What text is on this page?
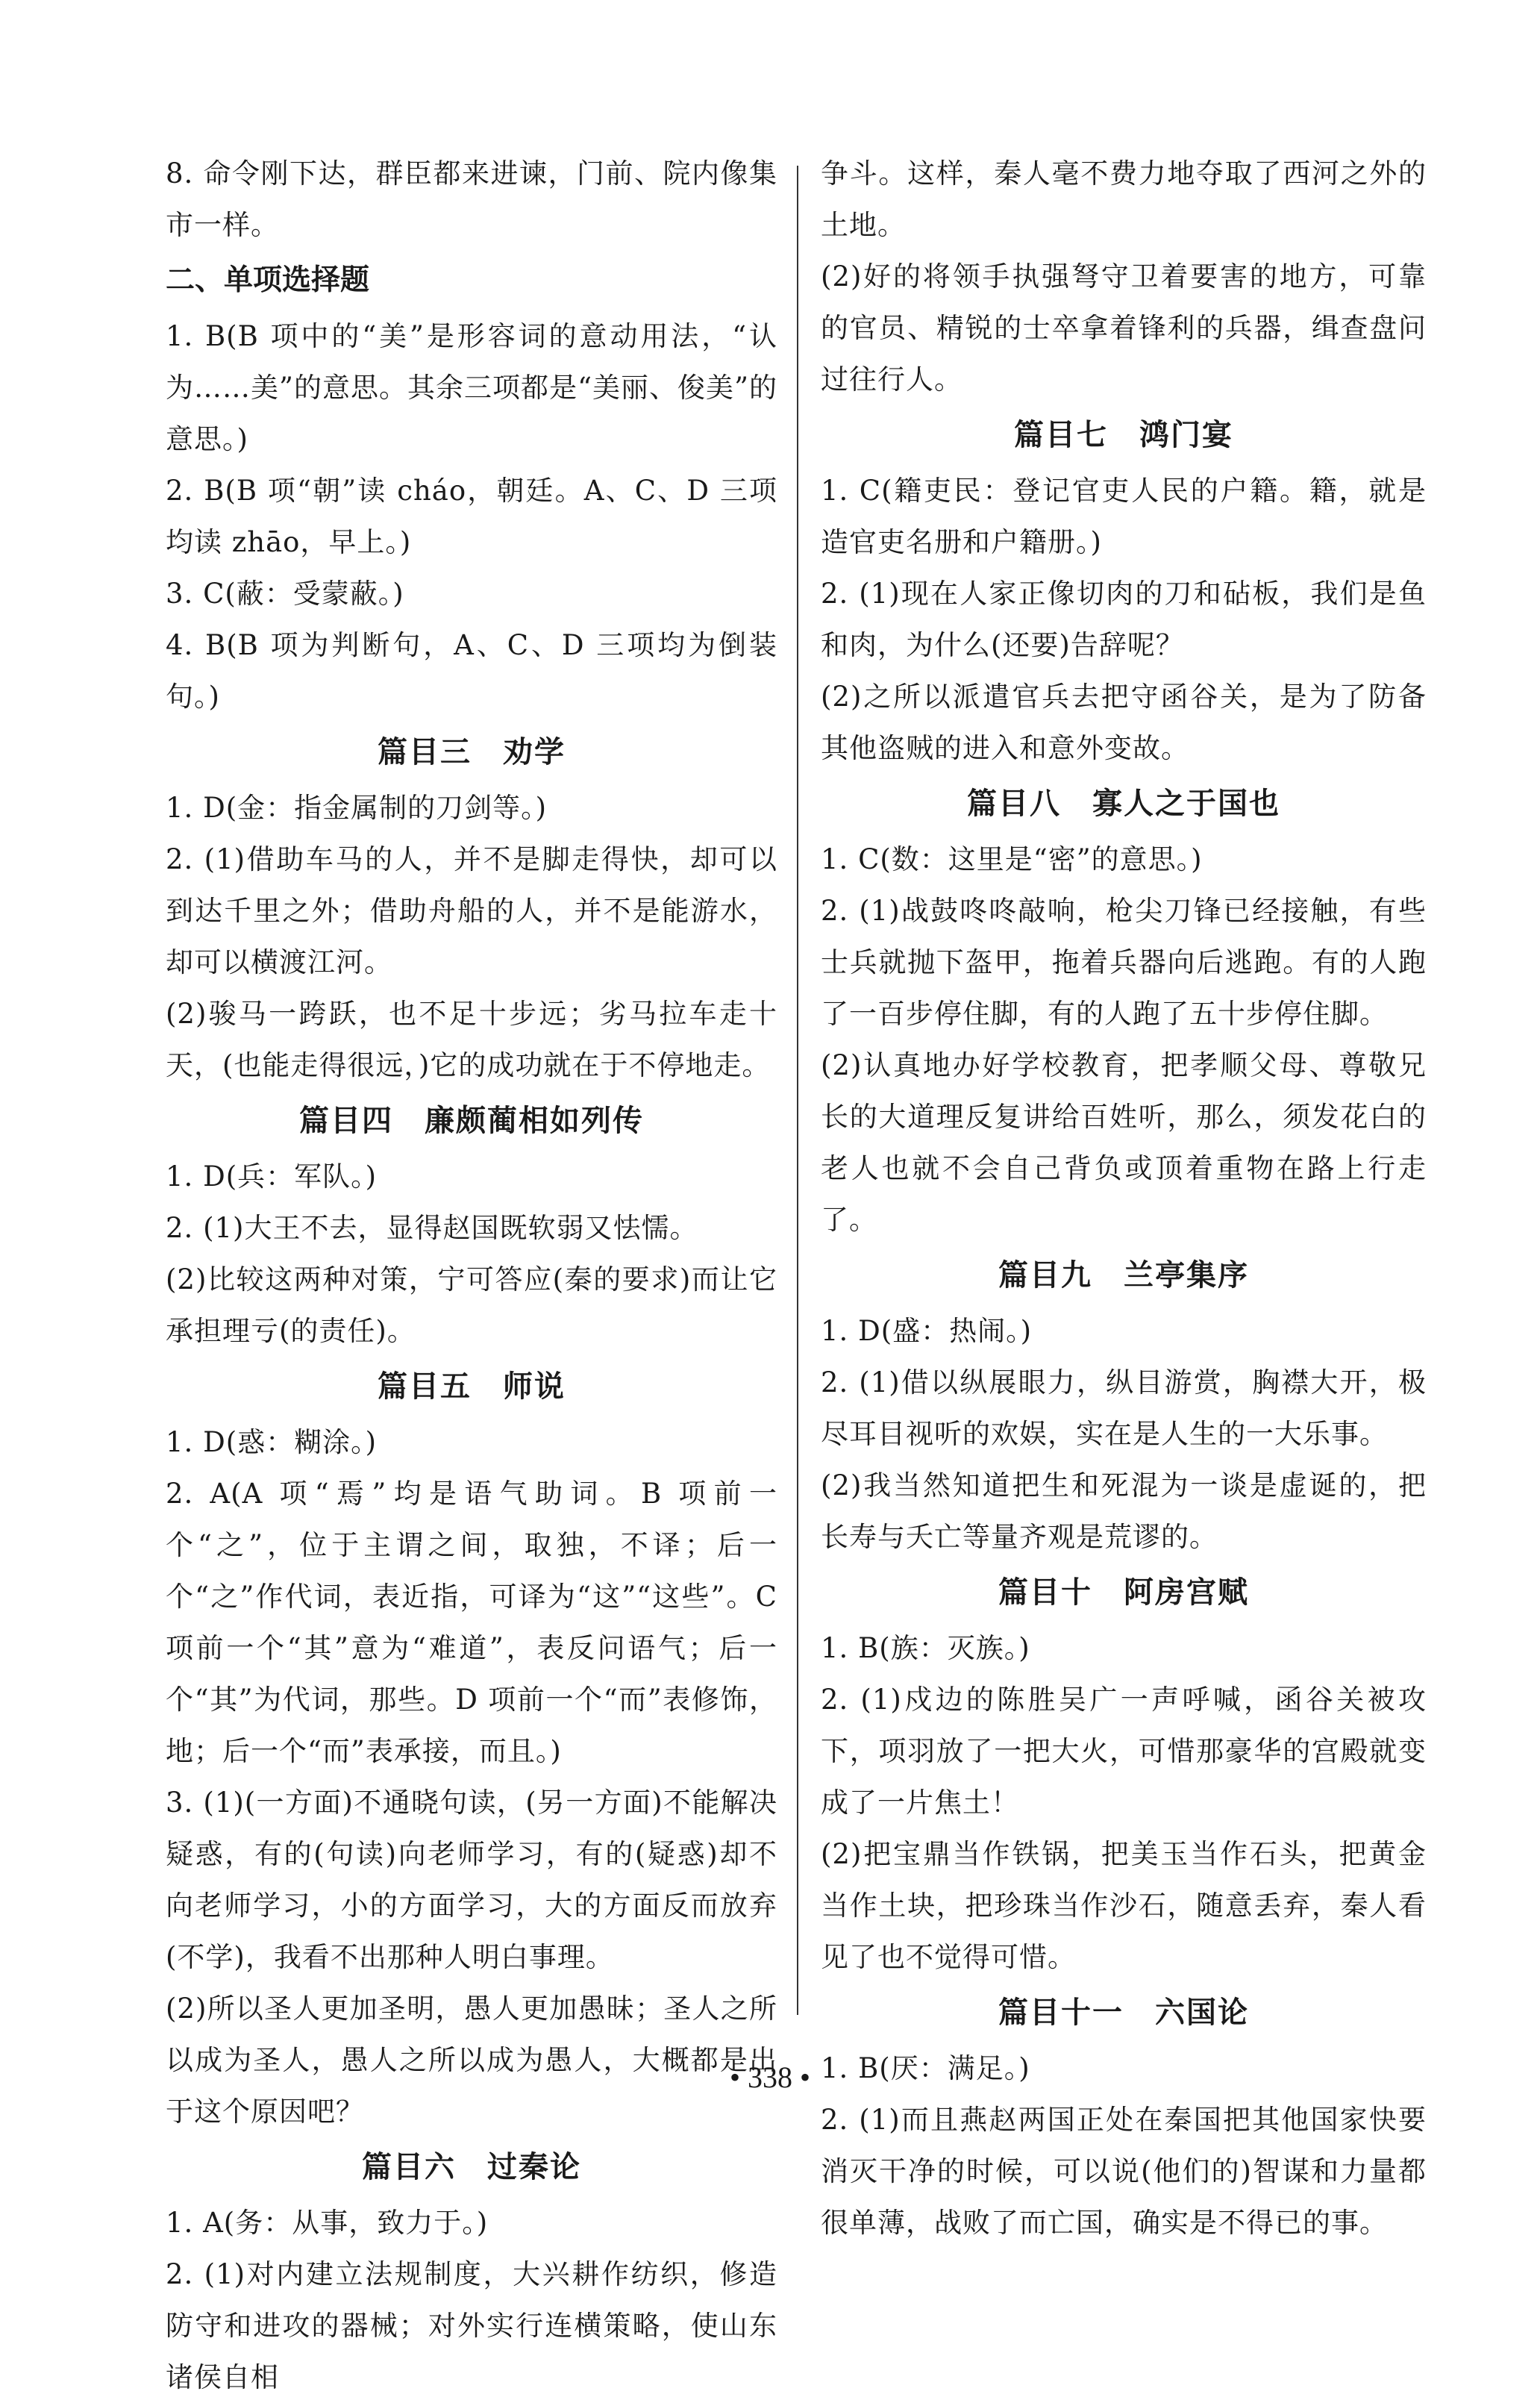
8. 命令刚下达，群臣都来进谏，门前、院内像集市一样。
二、单项选择题
1. B(B 项中的“美”是形容词的意动用法，“认为……美”的意思。其余三项都是“美丽、俊美”的意思。)
2. B(B 项“朝”读 cháo，朝廷。A、C、D 三项均读 zhāo，早上。)
3. C(蔽：受蒙蔽。)
4. B(B 项为判断句，A、C、D 三项均为倒装句。)
篇目三　劝学
1. D(金：指金属制的刀剑等。)
2. (1)借助车马的人，并不是脚走得快，却可以到达千里之外；借助舟船的人，并不是能游水，却可以横渡江河。
(2)骏马一跨跃，也不足十步远；劣马拉车走十天，(也能走得很远，)它的成功就在于不停地走。
篇目四　廉颇蔺相如列传
1. D(兵：军队。)
2. (1)大王不去，显得赵国既软弱又怯懦。
(2)比较这两种对策，宁可答应(秦的要求)而让它承担理亏(的责任)。
篇目五　师说
1. D(惑：糊涂。)
2. A(A 项“焉”均是语气助词。B 项前一个“之”，位于主谓之间，取独，不译；后一个“之”作代词，表近指，可译为“这”“这些”。C 项前一个“其”意为“难道”，表反问语气；后一个“其”为代词，那些。D 项前一个“而”表修饰，地；后一个“而”表承接，而且。)
3. (1)(一方面)不通晓句读，(另一方面)不能解决疑惑，有的(句读)向老师学习，有的(疑惑)却不向老师学习，小的方面学习，大的方面反而放弃(不学)，我看不出那种人明白事理。
(2)所以圣人更加圣明，愚人更加愚昧；圣人之所以成为圣人，愚人之所以成为愚人，大概都是出于这个原因吧？
篇目六　过秦论
1. A(务：从事，致力于。)
2. (1)对内建立法规制度，大兴耕作纺织，修造防守和进攻的器械；对外实行连横策略，使山东诸侯自相
争斗。这样，秦人毫不费力地夺取了西河之外的土地。
(2)好的将领手执强弩守卫着要害的地方，可靠的官员、精锐的士卒拿着锋利的兵器，缉查盘问过往行人。
篇目七　鸿门宴
1. C(籍吏民：登记官吏人民的户籍。籍，就是造官吏名册和户籍册。)
2. (1)现在人家正像切肉的刀和砧板，我们是鱼和肉，为什么(还要)告辞呢？
(2)之所以派遣官兵去把守函谷关，是为了防备其他盗贼的进入和意外变故。
篇目八　寡人之于国也
1. C(数：这里是“密”的意思。)
2. (1)战鼓咚咚敲响，枪尖刀锋已经接触，有些士兵就抛下盔甲，拖着兵器向后逃跑。有的人跑了一百步停住脚，有的人跑了五十步停住脚。
(2)认真地办好学校教育，把孝顺父母、尊敬兄长的大道理反复讲给百姓听，那么，须发花白的老人也就不会自己背负或顶着重物在路上行走了。
篇目九　兰亭集序
1. D(盛：热闹。)
2. (1)借以纵展眼力，纵目游赏，胸襟大开，极尽耳目视听的欢娱，实在是人生的一大乐事。
(2)我当然知道把生和死混为一谈是虚诞的，把长寿与夭亡等量齐观是荒谬的。
篇目十　阿房宫赋
1. B(族：灭族。)
2. (1)戍边的陈胜吴广一声呼喊，函谷关被攻下，项羽放了一把大火，可惜那豪华的宫殿就变成了一片焦土！
(2)把宝鼎当作铁锅，把美玉当作石头，把黄金当作土块，把珍珠当作沙石，随意丢弃，秦人看见了也不觉得可惜。
篇目十一　六国论
1. B(厌：满足。)
2. (1)而且燕赵两国正处在秦国把其他国家快要消灭干净的时候，可以说(他们的)智谋和力量都很单薄，战败了而亡国，确实是不得已的事。
• 338 •
